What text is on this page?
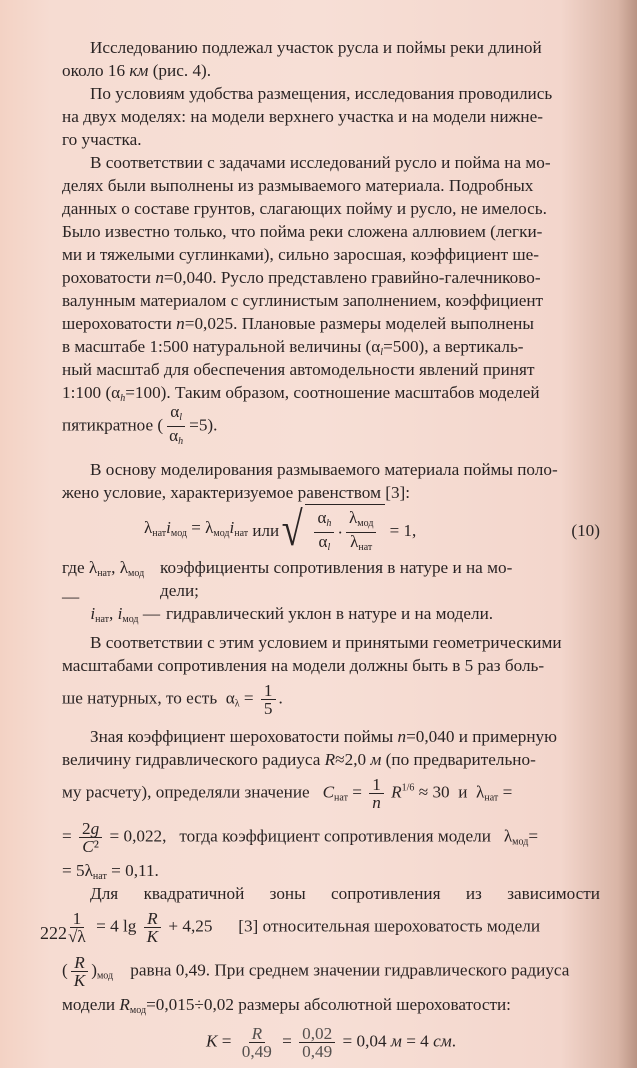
Исследованию подлежал участок русла и поймы реки длиной
около 16 км (рис. 4).
По условиям удобства размещения, исследования проводились
на двух моделях: на модели верхнего участка и на модели нижне-
го участка.
В соответствии с задачами исследований русло и пойма на мо-
делях были выполнены из размываемого материала. Подробных
данных о составе грунтов, слагающих пойму и русло, не имелось.
Было известно только, что пойма реки сложена аллювием (легки-
ми и тяжелыми суглинками), сильно заросшая, коэффициент ше-
роховатости n=0,040. Русло представлено гравийно-галечниково-
валунным материалом с суглинистым заполнением, коэффициент
шероховатости n=0,025. Плановые размеры моделей выполнены
в масштабе 1:500 натуральной величины $(\alpha_l=500)$, а вертикаль-
ный масштаб для обеспечения автомодельности явлений принят
1:100 $(\alpha_h=100)$. Таким образом, соотношение масштабов моделей
пятикратное ( $\frac{\alpha_l}{\alpha_h} =5$).
В основу моделирования размываемого материала поймы поло-
жено условие, характеризуемое равенством [3]:
$\lambda_{нат}i_{мод} = \lambda_{мод}i_{нат}$ или √ $\frac{\alpha_h}{\alpha_l} \cdot \frac{\lambda_{мод}}{\lambda_{нат}} = 1$,	(10)
где $\lambda_{нат}$, $\lambda_{мод}—$
коэффициенты сопротивления в натуре и на мо-
дели;
$i_{нат}$, $i_{мод}$ — гидравлический уклон в натуре и на модели.
В соответствии с этим условием и принятыми геометрическими
масштабами сопротивления на модели должны быть в 5 раз боль-
ше натурных, то есть  $\alpha_\lambda = \frac{1}{5}$ .
Зная коэффициент шероховатости поймы n=0,040 и примерную
величину гидравлического радиуса R≈2,0 м (по предварительно-
му расчету), определяли значение   $C_{нат} = \frac{1}{n} R^{1/6} \approx 30$  и  $\lambda_{нат}$ =
= $\frac{2g}{\text{C²}} = 0,022$,   тогда коэффициент сопротивления модели   $\lambda_{мод}=$
= $5\lambda_{нат} = 0,11$.
Для квадратичной зоны сопротивления из зависимости
$\frac{1}{√\lambda} = 4$ $\lg \frac{R}{K} + 4,25$      [3] относительная шероховатость модели
( $\frac{R}{K} )_{мод}$    равна 0,49. При среднем значении гидравлического радиуса
модели $R_{мод}=0,015\div 0,02$ размеры абсолютной шероховатости:
$K = \frac{R}{0,49} = \frac{0,02}{0,49} = 0,04$ м = 4 см.
222
